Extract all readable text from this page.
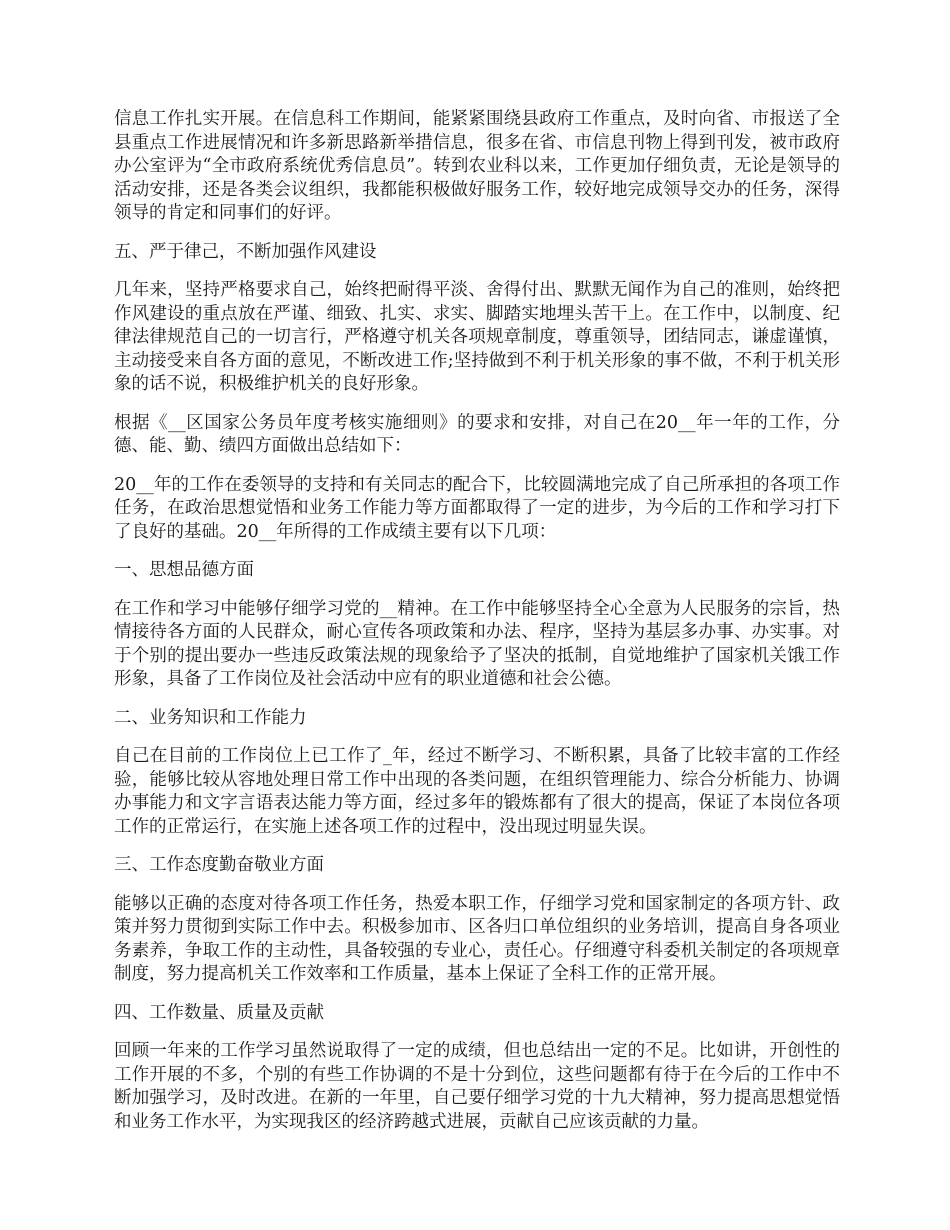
信息工作扎实开展。在信息科工作期间，能紧紧围绕县政府工作重点，及时向省、市报送了全县重点工作进展情况和许多新思路新举措信息，很多在省、市信息刊物上得到刊发，被市政府办公室评为“全市政府系统优秀信息员”。转到农业科以来，工作更加仔细负责，无论是领导的活动安排，还是各类会议组织，我都能积极做好服务工作，较好地完成领导交办的任务，深得领导的肯定和同事们的好评。

五、严于律己，不断加强作风建设

几年来，坚持严格要求自己，始终把耐得平淡、舍得付出、默默无闻作为自己的准则，始终把作风建设的重点放在严谨、细致、扎实、求实、脚踏实地埋头苦干上。在工作中，以制度、纪律法律规范自己的一切言行，严格遵守机关各项规章制度，尊重领导，团结同志，谦虚谨慎，主动接受来自各方面的意见，不断改进工作;坚持做到不利于机关形象的事不做，不利于机关形象的话不说，积极维护机关的良好形象。

根据《__区国家公务员年度考核实施细则》的要求和安排，对自己在20__年一年的工作，分德、能、勤、绩四方面做出总结如下：

20__年的工作在委领导的支持和有关同志的配合下，比较圆满地完成了自己所承担的各项工作任务，在政治思想觉悟和业务工作能力等方面都取得了一定的进步，为今后的工作和学习打下了良好的基础。20__年所得的工作成绩主要有以下几项：

一、思想品德方面

在工作和学习中能够仔细学习党的__精神。在工作中能够坚持全心全意为人民服务的宗旨，热情接待各方面的人民群众，耐心宣传各项政策和办法、程序，坚持为基层多办事、办实事。对于个别的提出要办一些违反政策法规的现象给予了坚决的抵制，自觉地维护了国家机关饿工作形象，具备了工作岗位及社会活动中应有的职业道德和社会公德。

二、业务知识和工作能力

自己在目前的工作岗位上已工作了_年，经过不断学习、不断积累，具备了比较丰富的工作经验，能够比较从容地处理日常工作中出现的各类问题，在组织管理能力、综合分析能力、协调办事能力和文字言语表达能力等方面，经过多年的锻炼都有了很大的提高，保证了本岗位各项工作的正常运行，在实施上述各项工作的过程中，没出现过明显失误。

三、工作态度勤奋敬业方面

能够以正确的态度对待各项工作任务，热爱本职工作，仔细学习党和国家制定的各项方针、政策并努力贯彻到实际工作中去。积极参加市、区各归口单位组织的业务培训，提高自身各项业务素养，争取工作的主动性，具备较强的专业心，责任心。仔细遵守科委机关制定的各项规章制度，努力提高机关工作效率和工作质量，基本上保证了全科工作的正常开展。

四、工作数量、质量及贡献

回顾一年来的工作学习虽然说取得了一定的成绩，但也总结出一定的不足。比如讲，开创性的工作开展的不多，个别的有些工作协调的不是十分到位，这些问题都有待于在今后的工作中不断加强学习，及时改进。在新的一年里，自己要仔细学习党的十九大精神，努力提高思想觉悟和业务工作水平，为实现我区的经济跨越式进展，贡献自己应该贡献的力量。
